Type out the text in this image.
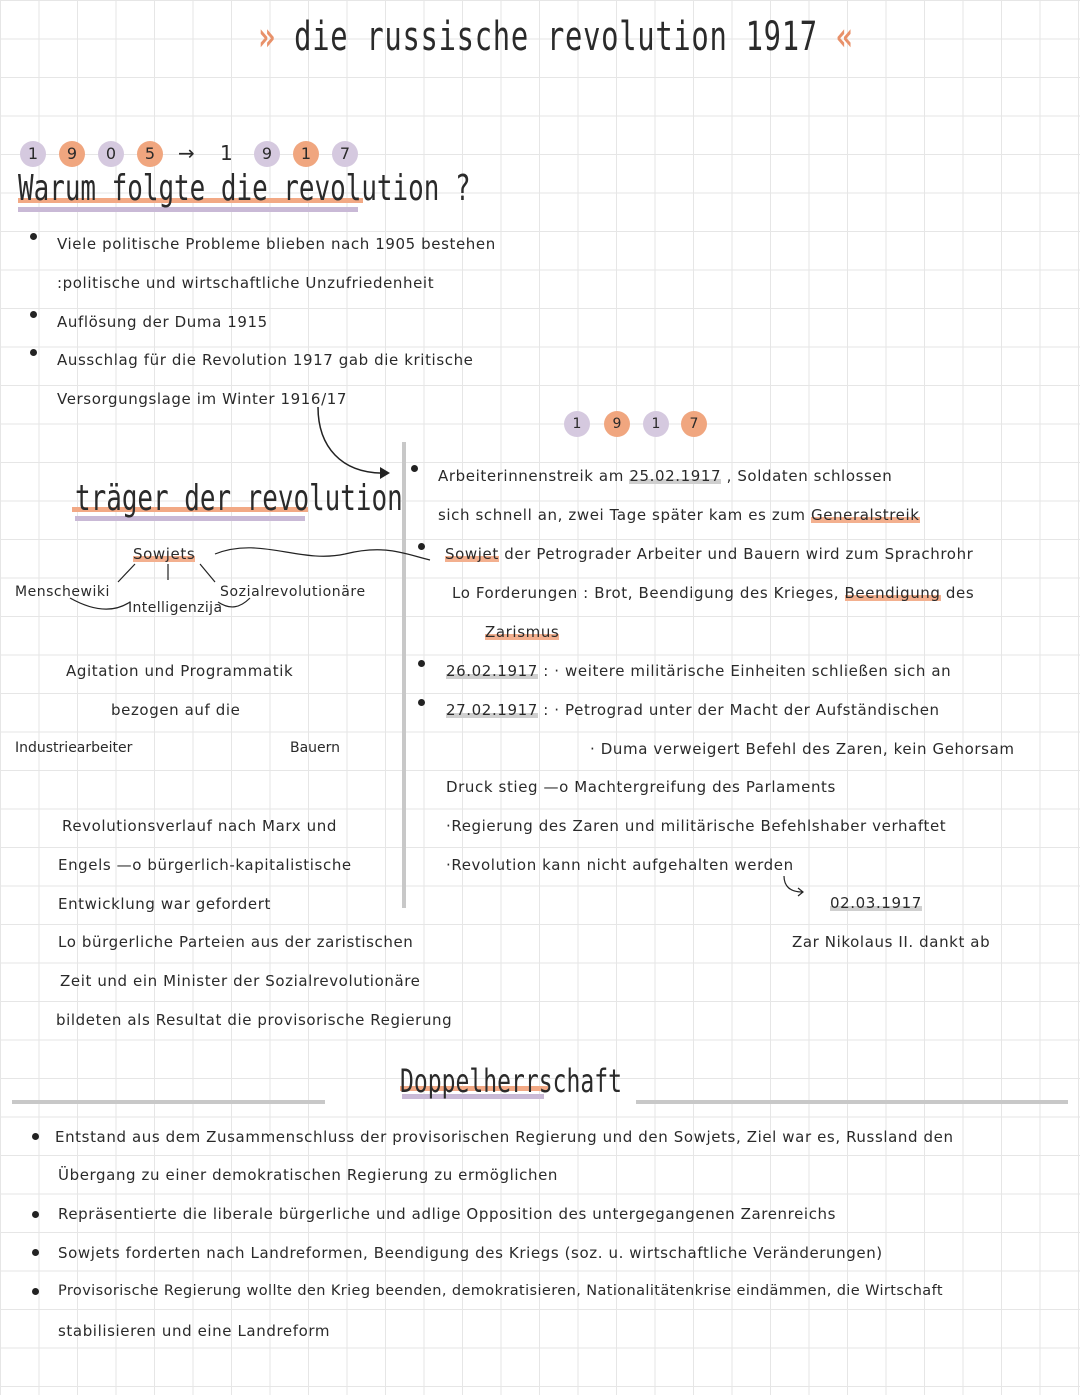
» die russische revolution 1917 «
1	9	0	5	→ 1	9	1	7
Warum folgte die revolution ?
Viele politische Probleme blieben nach 1905 bestehen
:politische und wirtschaftliche Unzufriedenheit
Auflösung der Duma 1915
Ausschlag für die Revolution 1917 gab die kritische
Versorgungslage im Winter 1916/17
träger der revolution
Sowjets
Menschewiki
Intelligenzija
Sozialrevolutionäre
Agitation und Programmatik
bezogen auf die
Industriearbeiter	Bauern
Revolutionsverlauf nach Marx und
Engels —o bürgerlich-kapitalistische
Entwicklung war gefordert
Lo bürgerliche Parteien aus der zaristischen
Zeit und ein Minister der Sozialrevolutionäre
bildeten als Resultat die provisorische Regierung
1	9	1	7
Arbeiterinnenstreik am 25.02.1917 , Soldaten schlossen
sich schnell an, zwei Tage später kam es zum Generalstreik
Sowjet der Petrograder Arbeiter und Bauern wird zum Sprachrohr
Lo Forderungen : Brot, Beendigung des Krieges, Beendigung des
Zarismus
26.02.1917 : · weitere militärische Einheiten schließen sich an
27.02.1917 : · Petrograd unter der Macht der Aufständischen
· Duma verweigert Befehl des Zaren, kein Gehorsam
Druck stieg —o Machtergreifung des Parlaments
·Regierung des Zaren und militärische Befehlshaber verhaftet
·Revolution kann nicht aufgehalten werden
02.03.1917
Zar Nikolaus II. dankt ab
Doppelherrschaft
Entstand aus dem Zusammenschluss der provisorischen Regierung und den Sowjets, Ziel war es, Russland den
Übergang zu einer demokratischen Regierung zu ermöglichen
Repräsentierte die liberale bürgerliche und adlige Opposition des untergegangenen Zarenreichs
Sowjets forderten nach Landreformen, Beendigung des Kriegs (soz. u. wirtschaftliche Veränderungen)
Provisorische Regierung wollte den Krieg beenden, demokratisieren, Nationalitätenkrise eindämmen, die Wirtschaft
stabilisieren und eine Landreform
